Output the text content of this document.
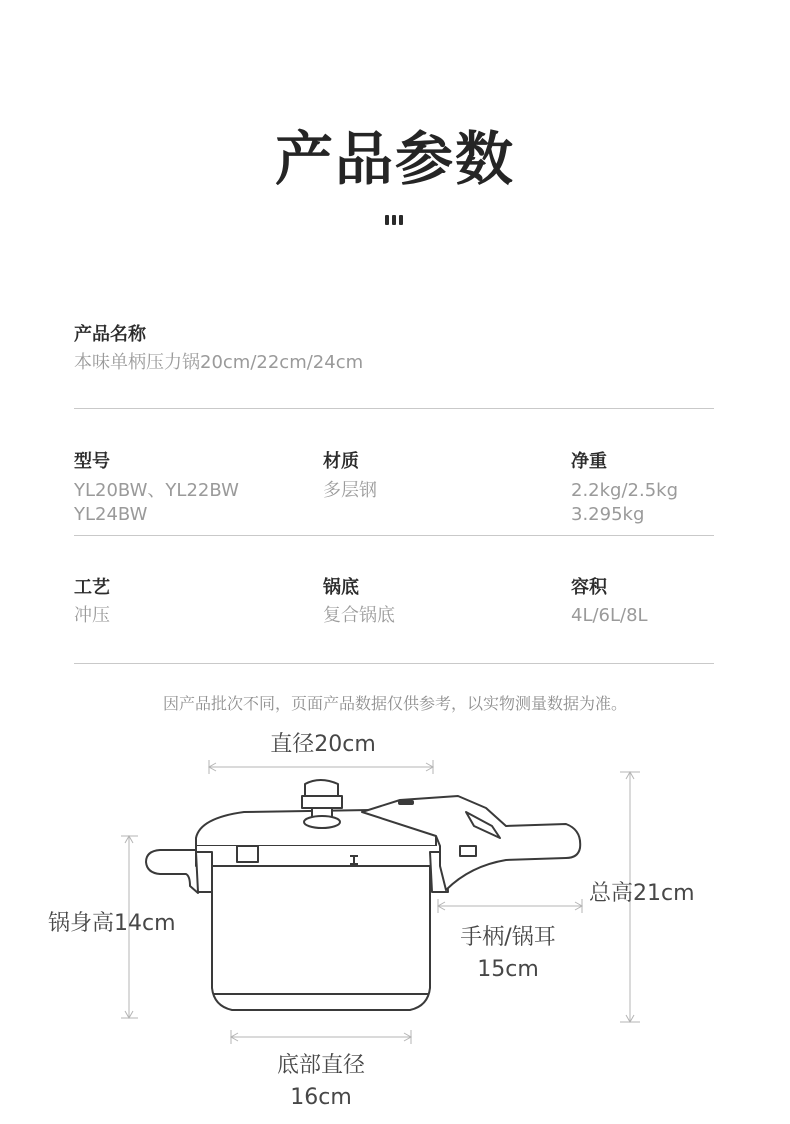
产品参数
产品名称
本味单柄压力锅20cm/22cm/24cm
型号
YL20BW、YL22BW
YL24BW
材质
多层钢
净重
2.2kg/2.5kg
3.295kg
工艺
冲压
锅底
复合锅底
容积
4L/6L/8L
因产品批次不同，页面产品数据仅供参考，以实物测量数据为准。
直径20cm
锅身高14cm
总高21cm
手柄/锅耳
15cm
底部直径
16cm
